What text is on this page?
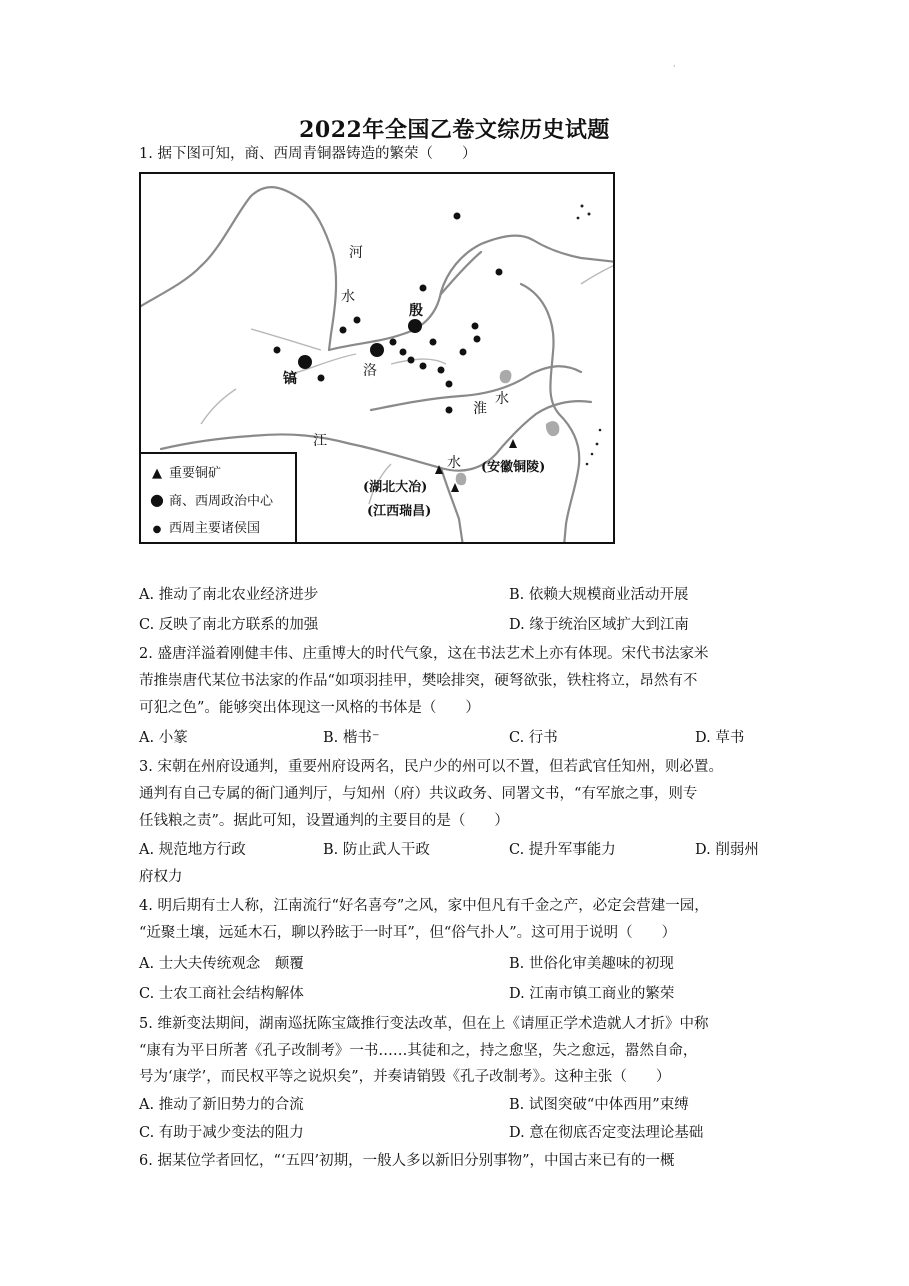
·
2022年全国乙卷文综历史试题
1. 据下图可知，商、西周青铜器铸造的繁荣（　　）
河
水
殷
镐	洛
淮
水
江
水 (安徽铜陵)
(湖北大冶)
(江西瑞昌)
▲ 重要铜矿
● 商、西周政治中心
● 西周主要诸侯国
A. 推动了南北农业经济进步	B. 依赖大规模商业活动开展
C. 反映了南北方联系的加强	D. 缘于统治区域扩大到江南
2. 盛唐洋溢着刚健丰伟、庄重博大的时代气象，这在书法艺术上亦有体现。宋代书法家米
芾推崇唐代某位书法家的作品“如项羽挂甲，樊哙排突，硬弩欲张，铁柱将立，昂然有不
可犯之色”。能够突出体现这一风格的书体是（　　）
A. 小篆	B. 楷书⁻	C. 行书	D. 草书
3. 宋朝在州府设通判，重要州府设两名，民户少的州可以不置，但若武官任知州，则必置。
通判有自己专属的衙门通判厅，与知州（府）共议政务、同署文书，“有军旅之事，则专
任钱粮之责”。据此可知，设置通判的主要目的是（　　）
A. 规范地方行政	B. 防止武人干政	C. 提升军事能力	D. 削弱州
府权力
4. 明后期有士人称，江南流行“好名喜夸”之风，家中但凡有千金之产，必定会营建一园，
“近聚土壤，远延木石，聊以矜眩于一时耳”，但“俗气扑人”。这可用于说明（　　）
A. 士大夫传统观念　颠覆	B. 世俗化审美趣味的初现
C. 士农工商社会结构解体	D. 江南市镇工商业的繁荣
5. 维新变法期间，湖南巡抚陈宝箴推行变法改革，但在上《请厘正学术造就人才折》中称
“康有为平日所著《孔子改制考》一书……其徒和之，持之愈坚，失之愈远，嚣然自命，
号为‘康学’，而民权平等之说炽矣”，并奏请销毁《孔子改制考》。这种主张（　　）
A. 推动了新旧势力的合流	B. 试图突破“中体西用”束缚
C. 有助于减少变法的阻力	D. 意在彻底否定变法理论基础
6. 据某位学者回忆，“‘五四’初期，一般人多以新旧分别事物”，中国古来已有的一概
